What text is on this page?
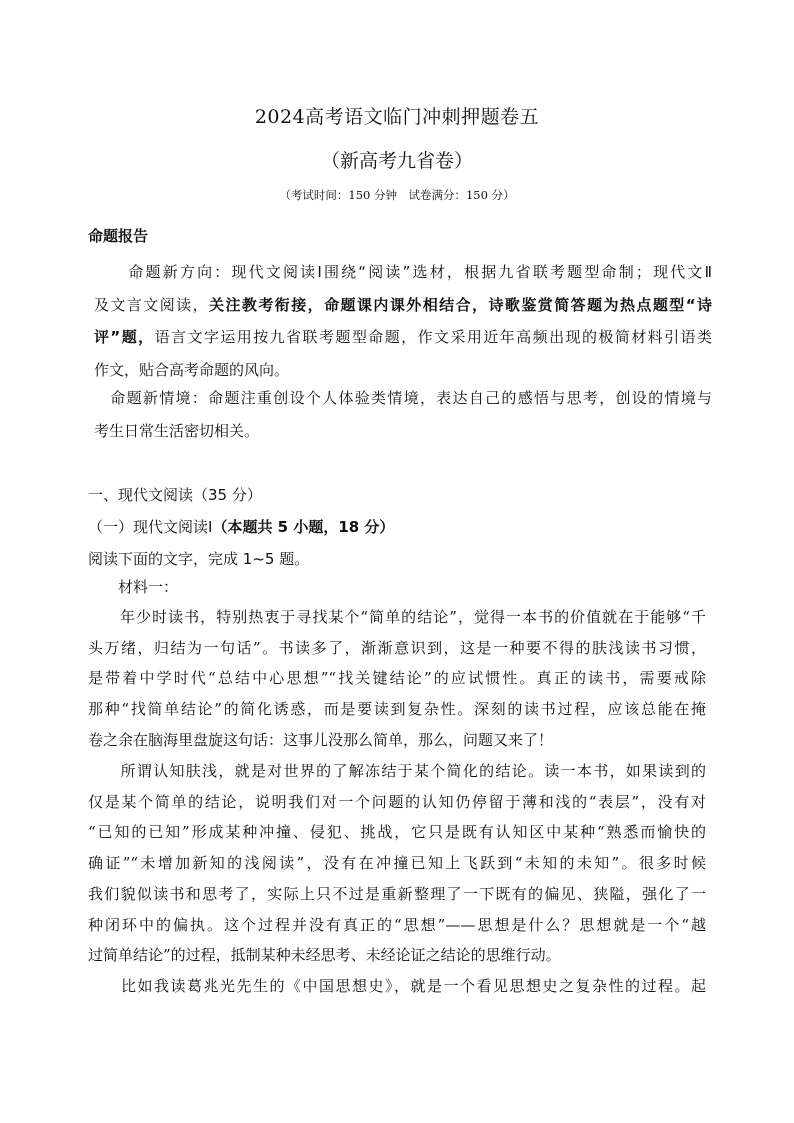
2024高考语文临门冲刺押题卷五
（新高考九省卷）
（考试时间：150 分钟　试卷满分：150 分）
命题报告

　　命题新方向：现代文阅读Ⅰ围绕“阅读”选材，根据九省联考题型命制；现代文Ⅱ

及文言文阅读，关注教考衔接，命题课内课外相结合，诗歌鉴赏简答题为热点题型“诗

评”题，语言文字运用按九省联考题型命题，作文采用近年高频出现的极简材料引语类

作文，贴合高考命题的风向。

　命题新情境：命题注重创设个人体验类情境，表达自己的感悟与思考，创设的情境与

考生日常生活密切相关。

一、现代文阅读（35 分）
（一）现代文阅读Ⅰ（本题共 5 小题，18 分）
阅读下面的文字，完成 1~5 题。

　　材料一：

　　年少时读书，特别热衷于寻找某个“简单的结论”，觉得一本书的价值就在于能够“千

头万绪，归结为一句话”。书读多了，渐渐意识到，这是一种要不得的肤浅读书习惯，

是带着中学时代“总结中心思想”“找关键结论”的应试惯性。真正的读书，需要戒除

那种“找简单结论”的简化诱惑，而是要读到复杂性。深刻的读书过程，应该总能在掩

卷之余在脑海里盘旋这句话：这事儿没那么简单，那么，问题又来了！

　　所谓认知肤浅，就是对世界的了解冻结于某个简化的结论。读一本书，如果读到的

仅是某个简单的结论，说明我们对一个问题的认知仍停留于薄和浅的“表层”，没有对

“已知的已知”形成某种冲撞、侵犯、挑战，它只是既有认知区中某种“熟悉而愉快的

确证”“未增加新知的浅阅读”，没有在冲撞已知上飞跃到“未知的未知”。很多时候

我们貌似读书和思考了，实际上只不过是重新整理了一下既有的偏见、狭隘，强化了一

种闭环中的偏执。这个过程并没有真正的“思想”——思想是什么？思想就是一个“越

过简单结论”的过程，抵制某种未经思考、未经论证之结论的思维行动。

　　比如我读葛兆光先生的《中国思想史》，就是一个看见思想史之复杂性的过程。起
